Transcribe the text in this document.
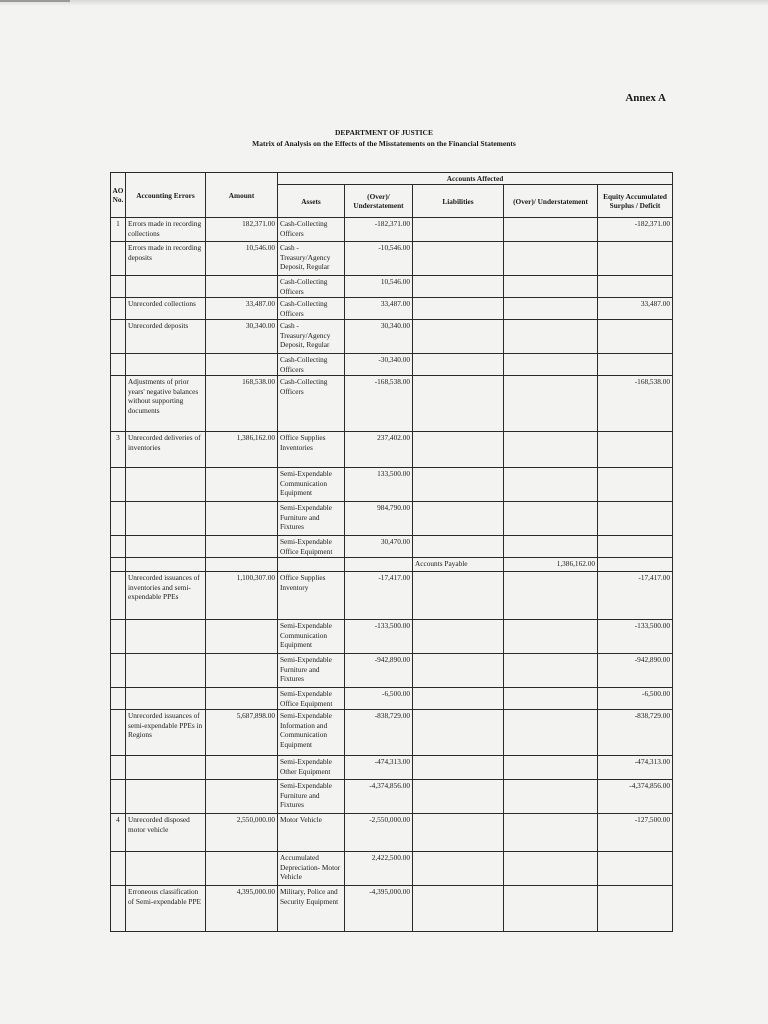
Annex A
DEPARTMENT OF JUSTICE
Matrix of Analysis on the Effects of the Misstatements on the Financial Statements
AO No.	Accounting Errors	Amount	Accounts Affected				
			Assets	(Over)/ Understatement	Liabilities	(Over)/ Understatement	Equity Accumulated Surplus / Deficit
1	Errors made in recording collections	182,371.00	Cash-Collecting Officers	-182,371.00			-182,371.00
	Errors made in recording deposits	10,546.00	Cash - Treasury/Agency Deposit, Regular	-10,546.00			
			Cash-Collecting Officers	10,546.00			
	Unrecorded collections	33,487.00	Cash-Collecting Officers	33,487.00			33,487.00
	Unrecorded deposits	30,340.00	Cash - Treasury/Agency Deposit, Regular	30,340.00			
			Cash-Collecting Officers	-30,340.00			
	Adjustments of prior years' negative balances without supporting documents	168,538.00	Cash-Collecting Officers	-168,538.00			-168,538.00
3	Unrecorded deliveries of inventories	1,386,162.00	Office Supplies Inventories	237,402.00			
			Semi-Expendable Communication Equipment	133,500.00			
			Semi-Expendable Furniture and Fixtures	984,790.00			
			Semi-Expendable Office Equipment	30,470.00			
					Accounts Payable	1,386,162.00	
	Unrecorded issuances of inventories and semi-expendable PPEs	1,100,307.00	Office Supplies Inventory	-17,417.00			-17,417.00
			Semi-Expendable Communication Equipment	-133,500.00			-133,500.00
			Semi-Expendable Furniture and Fixtures	-942,890.00			-942,890.00
			Semi-Expendable Office Equipment	-6,500.00			-6,500.00
	Unrecorded issuances of semi-expendable PPEs in Regions	5,687,898.00	Semi-Expendable Information and Communication Equipment	-838,729.00			-838,729.00
			Semi-Expendable Other Equipment	-474,313.00			-474,313.00
			Semi-Expendable Furniture and Fixtures	-4,374,856.00			-4,374,856.00
4	Unrecorded disposed motor vehicle	2,550,000.00	Motor Vehicle	-2,550,000.00			-127,500.00
			Accumulated Depreciation- Motor Vehicle	2,422,500.00			
	Erroneous classification of Semi-expendable PPE	4,395,000.00	Military, Police and Security Equipment	-4,395,000.00			
